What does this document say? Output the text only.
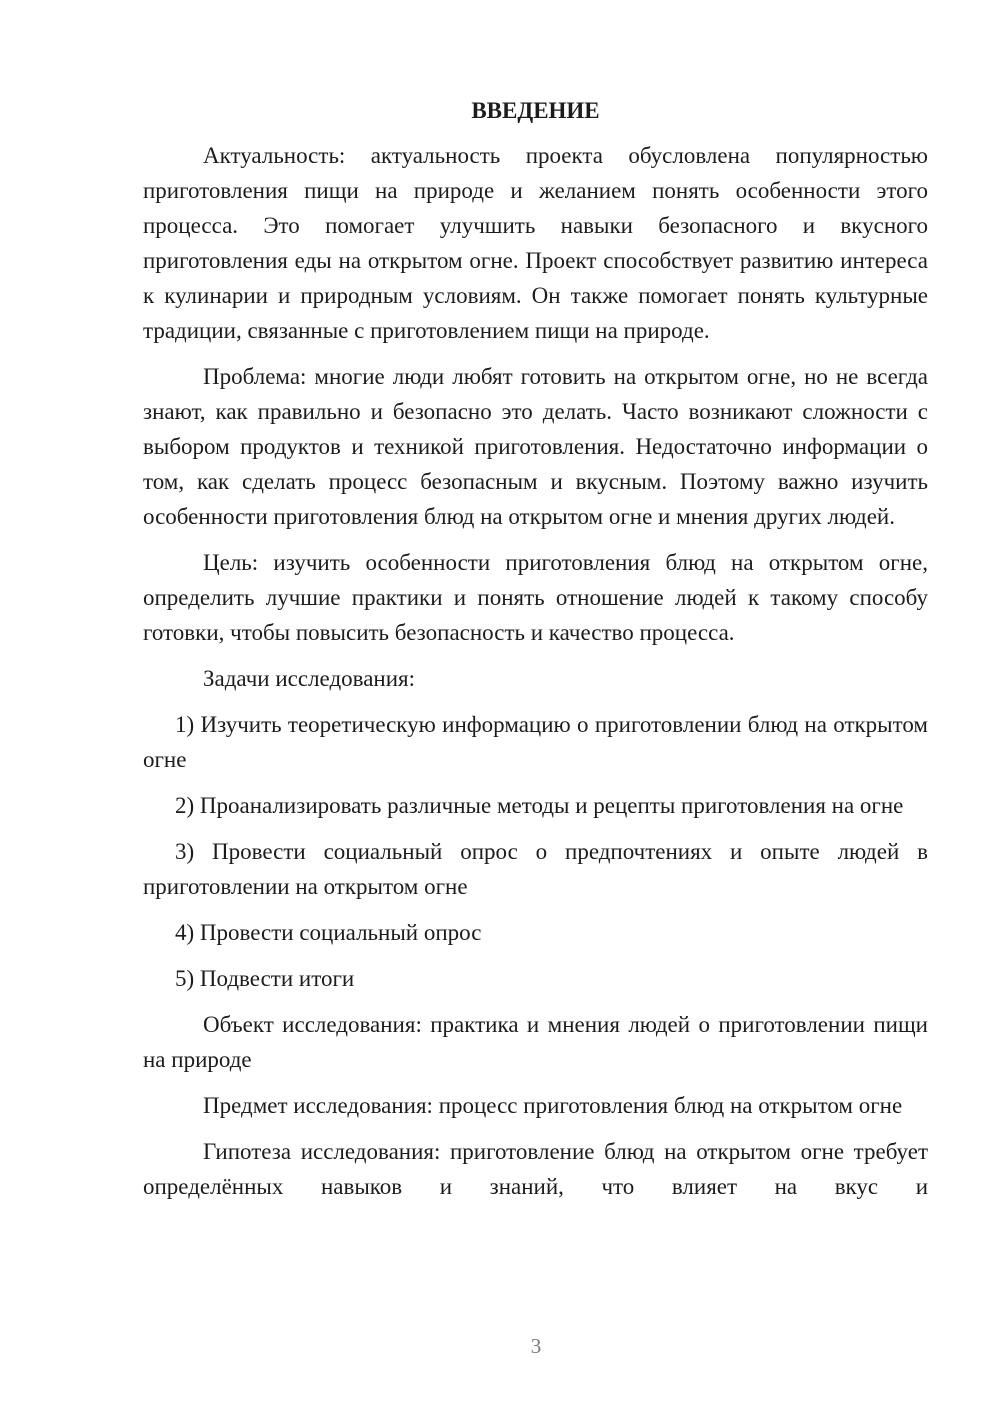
ВВЕДЕНИЕ

Актуальность: актуальность проекта обусловлена популярностью приготовления пищи на природе и желанием понять особенности этого процесса. Это помогает улучшить навыки безопасного и вкусного приготовления еды на открытом огне. Проект способствует развитию интереса к кулинарии и природным условиям. Он также помогает понять культурные традиции, связанные с приготовлением пищи на природе.

Проблема: многие люди любят готовить на открытом огне, но не всегда знают, как правильно и безопасно это делать. Часто возникают сложности с выбором продуктов и техникой приготовления. Недостаточно информации о том, как сделать процесс безопасным и вкусным. Поэтому важно изучить особенности приготовления блюд на открытом огне и мнения других людей.

Цель: изучить особенности приготовления блюд на открытом огне, определить лучшие практики и понять отношение людей к такому способу готовки, чтобы повысить безопасность и качество процесса.

Задачи исследования:

1) Изучить теоретическую информацию о приготовлении блюд на открытом огне

2) Проанализировать различные методы и рецепты приготовления на огне

3) Провести социальный опрос о предпочтениях и опыте людей в приготовлении на открытом огне

4) Провести социальный опрос

5) Подвести итоги

Объект исследования: практика и мнения людей о приготовлении пищи на природе

Предмет исследования: процесс приготовления блюд на открытом огне

Гипотеза исследования: приготовление блюд на открытом огне требует определённых навыков и знаний, что влияет на вкус и

3
